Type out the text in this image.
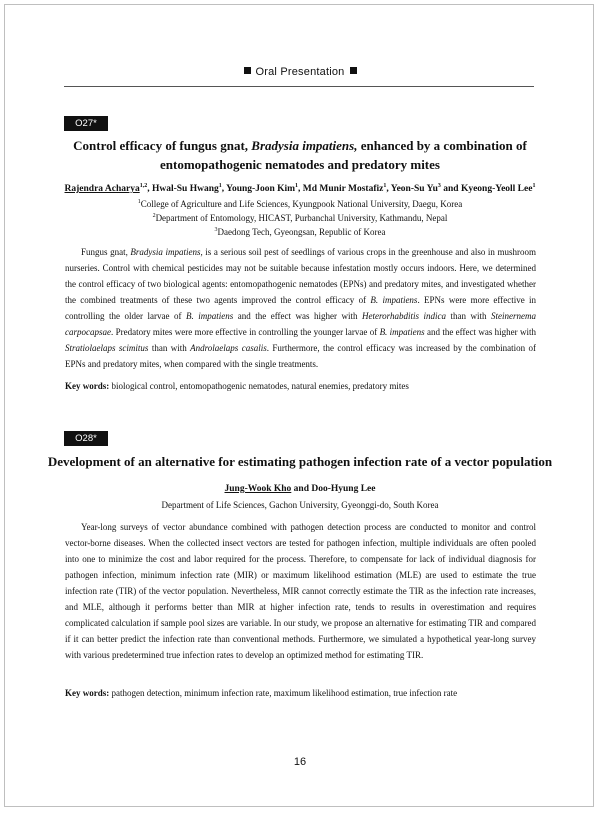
Oral Presentation
O27*
Control efficacy of fungus gnat, Bradysia impatiens, enhanced by a combination of
entomopathogenic nematodes and predatory mites
Rajendra Acharya$^{1,2}$, Hwal-Su Hwang$^1$, Young-Joon Kim$^1$, Md Munir Mostafiz$^1$, Yeon-Su Yu$^3$ and Kyeong-Yeoll Lee$^1$
$^1$College of Agriculture and Life Sciences, Kyungpook National University, Daegu, Korea
$^2$Department of Entomology, HICAST, Purbanchal University, Kathmandu, Nepal
$^3$Daedong Tech, Gyeongsan, Republic of Korea
Fungus gnat, Bradysia impatiens, is a serious soil pest of seedlings of various crops in the greenhouse and also in mushroom nurseries. Control with chemical pesticides may not be suitable because infestation mostly occurs indoors. Here, we determined the control efficacy of two biological agents: entomopathogenic nematodes (EPNs) and predatory mites, and investigated whether the combined treatments of these two agents improved the control efficacy of B. impatiens. EPNs were more effective in controlling the older larvae of B. impatiens and the effect was higher with Heterorhabditis indica than with Steinernema carpocapsae. Predatory mites were more effective in controlling the younger larvae of B. impatiens and the effect was higher with Stratiolaelaps scimitus than with Androlaelaps casalis. Furthermore, the control efficacy was increased by the combination of EPNs and predatory mites, when compared with the single treatments.
Key words: biological control, entomopathogenic nematodes, natural enemies, predatory mites
O28*
Development of an alternative for estimating pathogen infection rate of a vector population
Jung-Wook Kho and Doo-Hyung Lee
Department of Life Sciences, Gachon University, Gyeonggi-do, South Korea
Year-long surveys of vector abundance combined with pathogen detection process are conducted to monitor and control vector-borne diseases. When the collected insect vectors are tested for pathogen infection, multiple individuals are often pooled into one to minimize the cost and labor required for the process. Therefore, to compensate for lack of individual diagnosis for pathogen infection, minimum infection rate (MIR) or maximum likelihood estimation (MLE) are used to estimate the true infection rate (TIR) of the vector population. Nevertheless, MIR cannot correctly estimate the TIR as the infection rate increases, and MLE, although it performs better than MIR at higher infection rate, tends to results in overestimation and requires complicated calculation if sample pool sizes are variable. In our study, we propose an alternative for estimating TIR and compared if it can better predict the infection rate than conventional methods. Furthermore, we simulated a hypothetical year-long survey with various predetermined true infection rates to develop an optimized method for estimating TIR.
Key words: pathogen detection, minimum infection rate, maximum likelihood estimation, true infection rate
16
